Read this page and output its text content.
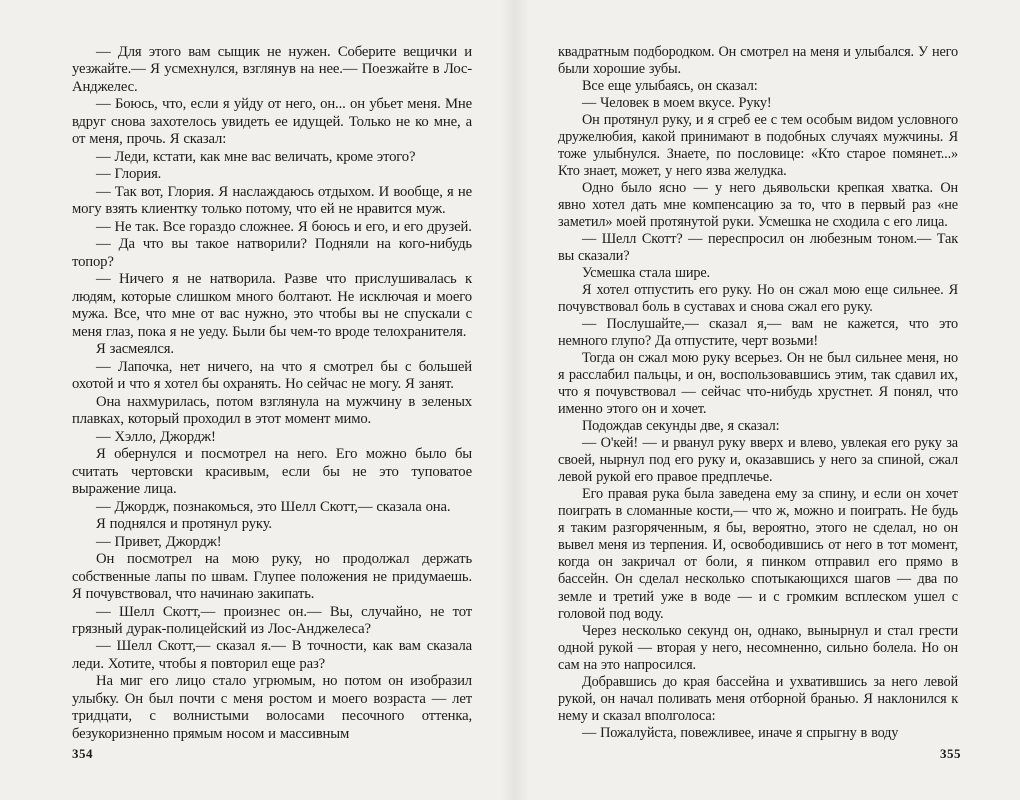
— Для этого вам сыщик не нужен. Соберите вещички и уезжайте.— Я усмехнулся, взглянув на нее.— Поезжайте в Лос-Анджелес.

— Боюсь, что, если я уйду от него, он... он убьет меня. Мне вдруг снова захотелось увидеть ее идущей. Только не ко мне, а от меня, прочь. Я сказал:

— Леди, кстати, как мне вас величать, кроме этого?

— Глория.

— Так вот, Глория. Я наслаждаюсь отдыхом. И вообще, я не могу взять клиентку только потому, что ей не нравится муж.

— Не так. Все гораздо сложнее. Я боюсь и его, и его друзей.

— Да что вы такое натворили? Подняли на кого-нибудь топор?

— Ничего я не натворила. Разве что прислушивалась к людям, которые слишком много болтают. Не исключая и моего мужа. Все, что мне от вас нужно, это чтобы вы не спускали с меня глаз, пока я не уеду. Были бы чем-то вроде телохранителя.

Я засмеялся.

— Лапочка, нет ничего, на что я смотрел бы с большей охотой и что я хотел бы охранять. Но сейчас не могу. Я занят.

Она нахмурилась, потом взглянула на мужчину в зеленых плавках, который проходил в этот момент мимо.

— Хэлло, Джордж!

Я обернулся и посмотрел на него. Его можно было бы считать чертовски красивым, если бы не это туповатое выражение лица.

— Джордж, познакомься, это Шелл Скотт,— сказала она.

Я поднялся и протянул руку.

— Привет, Джордж!

Он посмотрел на мою руку, но продолжал держать собственные лапы по швам. Глупее положения не придумаешь. Я почувствовал, что начинаю закипать.

— Шелл Скотт,— произнес он.— Вы, случайно, не тот грязный дурак-полицейский из Лос-Анджелеса?

— Шелл Скотт,— сказал я.— В точности, как вам сказала леди. Хотите, чтобы я повторил еще раз?

На миг его лицо стало угрюмым, но потом он изобразил улыбку. Он был почти с меня ростом и моего возраста — лет тридцати, с волнистыми волосами песочного оттенка, безукоризненно прямым носом и массивным

квадратным подбородком. Он смотрел на меня и улыбался. У него были хорошие зубы.

Все еще улыбаясь, он сказал:

— Человек в моем вкусе. Руку!

Он протянул руку, и я сгреб ее с тем особым видом условного дружелюбия, какой принимают в подобных случаях мужчины. Я тоже улыбнулся. Знаете, по пословице: «Кто старое помянет...» Кто знает, может, у него язва желудка.

Одно было ясно — у него дьявольски крепкая хватка. Он явно хотел дать мне компенсацию за то, что в первый раз «не заметил» моей протянутой руки. Усмешка не сходила с его лица.

— Шелл Скотт? — переспросил он любезным тоном.— Так вы сказали?

Усмешка стала шире.

Я хотел отпустить его руку. Но он сжал мою еще сильнее. Я почувствовал боль в суставах и снова сжал его руку.

— Послушайте,— сказал я,— вам не кажется, что это немного глупо? Да отпустите, черт возьми!

Тогда он сжал мою руку всерьез. Он не был сильнее меня, но я расслабил пальцы, и он, воспользовавшись этим, так сдавил их, что я почувствовал — сейчас что-нибудь хрустнет. Я понял, что именно этого он и хочет.

Подождав секунды две, я сказал:

— О'кей! — и рванул руку вверх и влево, увлекая его руку за своей, нырнул под его руку и, оказавшись у него за спиной, сжал левой рукой его правое предплечье.

Его правая рука была заведена ему за спину, и если он хочет поиграть в сломанные кости,— что ж, можно и поиграть. Не будь я таким разгоряченным, я бы, вероятно, этого не сделал, но он вывел меня из терпения. И, освободившись от него в тот момент, когда он закричал от боли, я пинком отправил его прямо в бассейн. Он сделал несколько спотыкающихся шагов — два по земле и третий уже в воде — и с громким всплеском ушел с головой под воду.

Через несколько секунд он, однако, вынырнул и стал грести одной рукой — вторая у него, несомненно, сильно болела. Но он сам на это напросился.

Добравшись до края бассейна и ухватившись за него левой рукой, он начал поливать меня отборной бранью. Я наклонился к нему и сказал вполголоса:

— Пожалуйста, повежливее, иначе я спрыгну в воду

354	355
